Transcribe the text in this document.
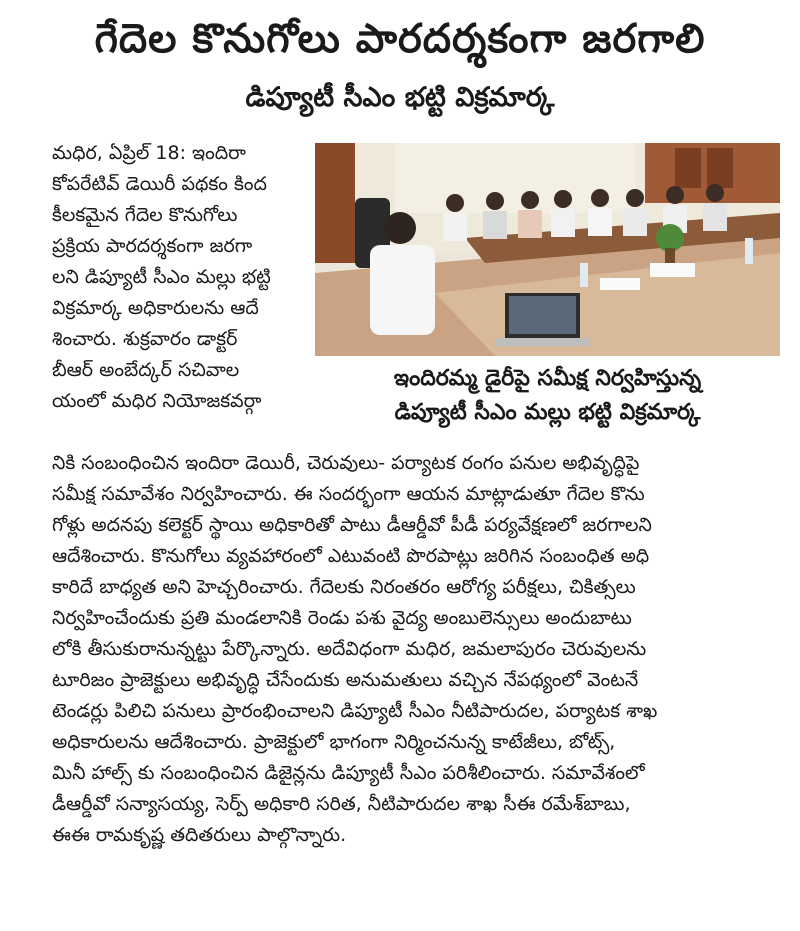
గేదెల కొనుగోలు పారదర్శకంగా జరగాలి
డిప్యూటీ సీఎం భట్టి విక్రమార్క

మధిర, ఏప్రిల్ 18: ఇందిరా

కోపరేటివ్ డెయిరీ పథకం కింద

కీలకమైన గేదెల కొనుగోలు

ప్రక్రియ పారదర్శకంగా జరగా

లని డిప్యూటీ సీఎం మల్లు భట్టి

విక్రమార్క అధికారులను ఆదే

శించారు. శుక్రవారం డాక్టర్

బీఆర్ అంబేద్కర్ సచివాల

యంలో మధిర నియోజకవర్గా

ఇందిరమ్మ డైరీపై సమీక్ష నిర్వహిస్తున్న

డిప్యూటీ సీఎం మల్లు భట్టి విక్రమార్క

నికి సంబంధించిన ఇందిరా డెయిరీ, చెరువులు- పర్యాటక రంగం పనుల అభివృద్ధిపై

సమీక్ష సమావేశం నిర్వహించారు. ఈ సందర్భంగా ఆయన మాట్లాడుతూ గేదెల కొను

గోళ్లు అదనపు కలెక్టర్ స్థాయి అధికారితో పాటు డీఆర్డీవో పీడీ పర్యవేక్షణలో జరగాలని

ఆదేశించారు. కొనుగోలు వ్యవహారంలో ఎటువంటి పొరపాట్లు జరిగిన సంబంధిత అధి

కారిదే బాధ్యత అని హెచ్చరించారు. గేదెలకు నిరంతరం ఆరోగ్య పరీక్షలు, చికిత్సలు

నిర్వహించేందుకు ప్రతి మండలానికి రెండు పశు వైద్య అంబులెన్సులు అందుబాటు

లోకి తీసుకురానున్నట్టు పేర్కొన్నారు. అదేవిధంగా మధిర, జమలాపురం చెరువులను

టూరిజం ప్రాజెక్టులు అభివృద్ధి చేసేందుకు అనుమతులు వచ్చిన నేపథ్యంలో వెంటనే

టెండర్లు పిలిచి పనులు ప్రారంభించాలని డిప్యూటీ సీఎం నీటిపారుదల, పర్యాటక శాఖ

అధికారులను ఆదేశించారు. ప్రాజెక్టులో భాగంగా నిర్మించనున్న కాటేజీలు, బోట్స్,

మినీ హాల్స్ కు సంబంధించిన డిజైన్లను డిప్యూటీ సీఎం పరిశీలించారు. సమావేశంలో

డీఆర్డీవో సన్యాసయ్య, సెర్ప్ అధికారి సరిత, నీటిపారుదల శాఖ సీఈ రమేశ్‌బాబు,

ఈఈ రామకృష్ణ తదితరులు పాల్గొన్నారు.
